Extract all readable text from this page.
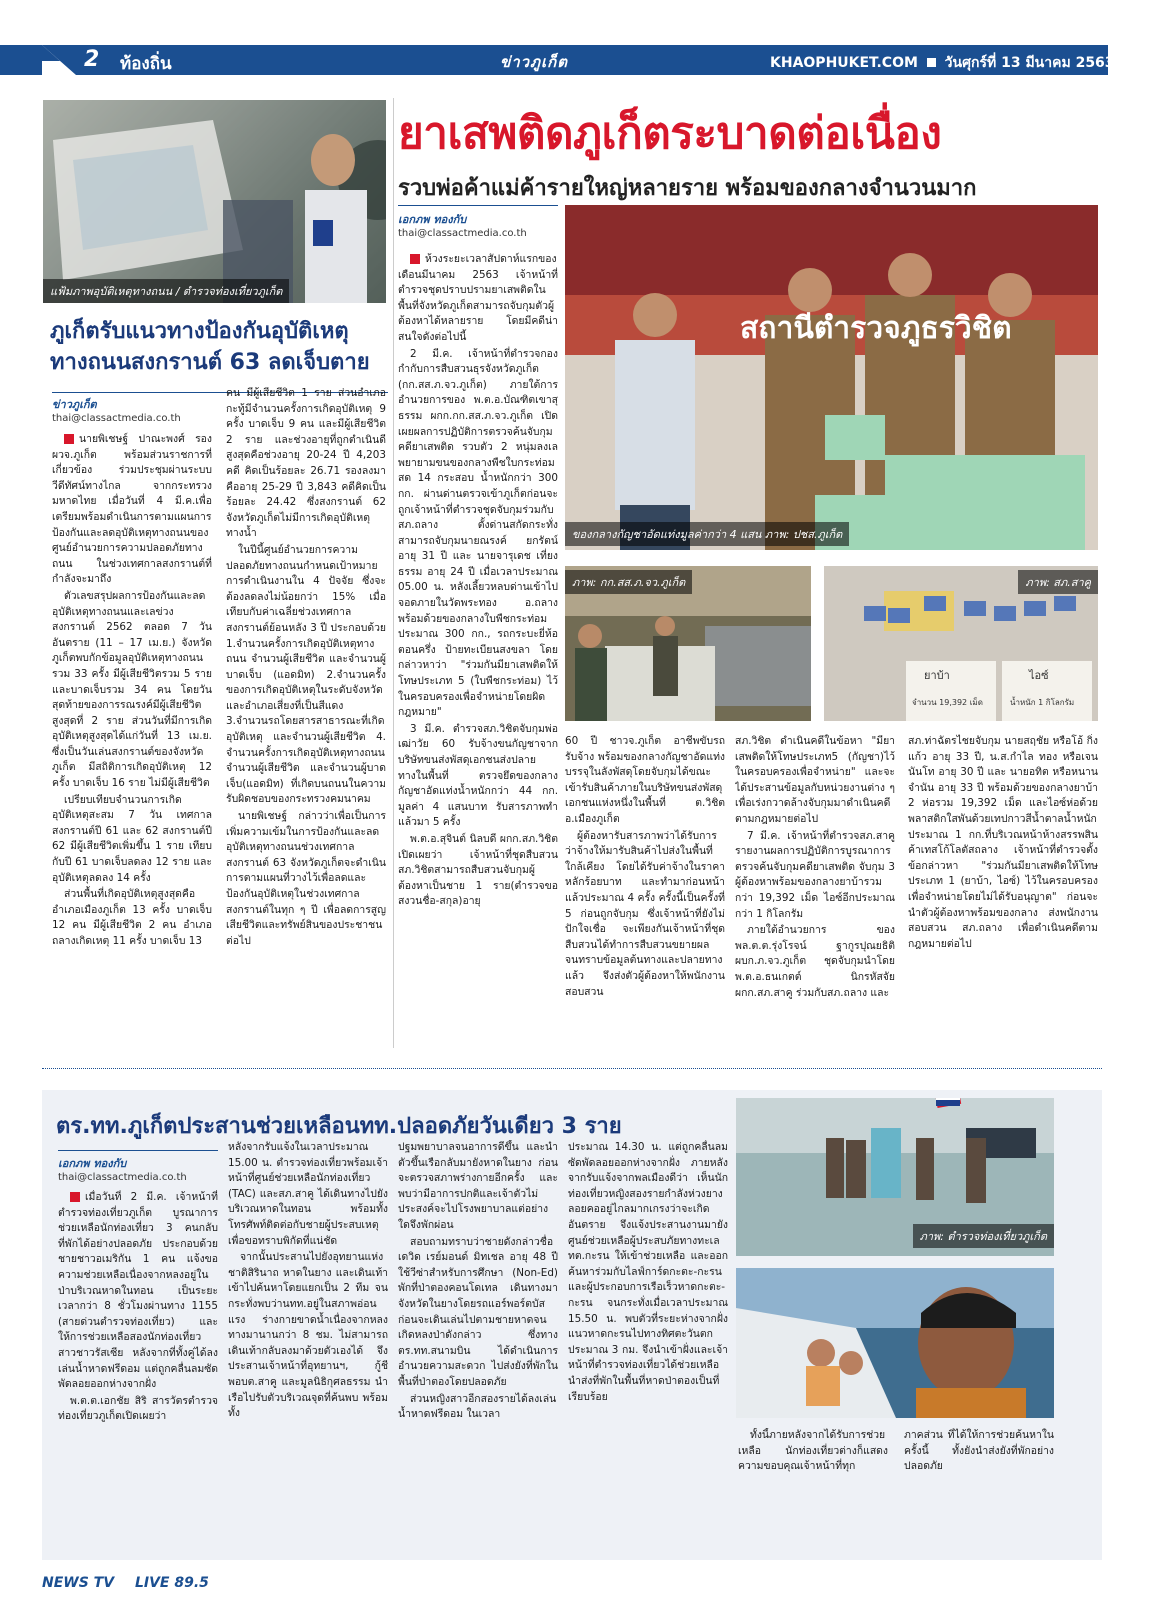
2 ท้องถิ่น	ข่าวภูเก็ต	KHAOPHUKET.COM วันศุกร์ที่ 13 มีนาคม 2563
แฟ้มภาพอุบัติเหตุทางถนน / ตำรวจท่องเที่ยวภูเก็ต
ภูเก็ตรับแนวทางป้องกันอุบัติเหตุ ทางถนนสงกรานต์ 63 ลดเจ็บตาย
ข่าวภูเก็ต
thai@classactmedia.co.th

นายพิเชษฐ์ ปาณะพงศ์ รอง ผวจ.ภูเก็ต พร้อมส่วนราชการที่เกี่ยวข้อง ร่วมประชุมผ่านระบบวีดีทัศน์ทางไกล จากกระทรวงมหาดไทย เมื่อวันที่ 4 มี.ค.เพื่อเตรียมพร้อมดำเนินการตามแผนการป้องกันและลดอุบัติเหตุทางถนนของศูนย์อำนวยการความปลอดภัยทางถนน ในช่วงเทศกาลสงกรานต์ที่กำลังจะมาถึง

ตัวเลขสรุปผลการป้องกันและลดอุบัติเหตุทางถนนและเลข่วงสงกรานต์ 2562 ตลอด 7 วันอันตราย (11 – 17 เม.ย.) จังหวัดภูเก็ตพบกักข้อมูลอุบัติเหตุทางถนนรวม 33 ครั้ง มีผู้เสียชีวิตรวม 5 ราย และบาดเจ็บรวม 34 คน โดยวันสุดท้ายของการรณรงค์มีผู้เสียชีวิตสูงสุดที่ 2 ราย ส่วนวันที่มีการเกิดอุบัติเหตุสูงสุดได้แก่วันที่ 13 เม.ย. ซึ่งเป็นวันเล่นสงกรานต์ของจังหวัดภูเก็ต มีสถิติการเกิดอุบัติเหตุ 12 ครั้ง บาดเจ็บ 16 ราย ไม่มีผู้เสียชีวิต

เปรียบเทียบจำนวนการเกิดอุบัติเหตุสะสม 7 วัน เทศกาลสงกรานต์ปี 61 และ 62 สงกรานต์ปี 62 มีผู้เสียชีวิตเพิ่มขึ้น 1 ราย เทียบกับปี 61 บาดเจ็บลดลง 12 ราย และอุบัติเหตุลดลง 14 ครั้ง

ส่วนพื้นที่เกิดอุบัติเหตุสูงสุดคืออำเภอเมืองภูเก็ต 13 ครั้ง บาดเจ็บ 12 คน มีผู้เสียชีวิต 2 คน อำเภอถลางเกิดเหตุ 11 ครั้ง บาดเจ็บ 13

คน มีผู้เสียชีวิต 1 ราย ส่วนอำเภอกะทู้มีจำนวนครั้งการเกิดอุบัติเหตุ 9 ครั้ง บาดเจ็บ 9 คน และมีผู้เสียชีวิต 2 ราย และช่วงอายุที่ถูกตำเนินดีสูงสุดคือช่วงอายุ 20-24 ปี 4,203 คดี คิดเป็นร้อยละ 26.71 รองลงมาคืออายุ 25-29 ปี 3,843 คดีคิดเป็นร้อยละ 24.42 ซึ่งสงกรานต์ 62 จังหวัดภูเก็ตไม่มีการเกิดอุบัติเหตุทางน้ำ

ในปีนี้ศูนย์อำนวยการความปลอดภัยทางถนนกำหนดเป้าหมายการดำเนินงานใน 4 ปัจจัย ซึ่งจะต้องลดลงไม่น้อยกว่า 15% เมื่อเทียบกับค่าเฉลี่ยช่วงเทศกาลสงกรานต์ย้อนหลัง 3 ปี ประกอบด้วย 1.จำนวนครั้งการเกิดอุบัติเหตุทางถนน จำนวนผู้เสียชีวิต และจำนวนผู้บาดเจ็บ (แอดมิท) 2.จำนวนครั้งของการเกิดอุบัติเหตุในระดับจังหวัดและอำเภอเสี่ยงที่เป็นสีแดง 3.จำนวนรถโดยสารสาธารณะที่เกิดอุบัติเหตุ และจำนวนผู้เสียชีวิต 4. จำนวนครั้งการเกิดอุบัติเหตุทางถนน จำนวนผู้เสียชีวิต และจำนวนผู้บาดเจ็บ(แอดมิท) ที่เกิดบนถนนในความรับผิดชอบของกระทรวงคมนาคม

นายพิเชษฐ์ กล่าวว่าเพื่อเป็นการเพิ่มความเข้มในการป้องกันและลดอุบัติเหตุทางถนนช่วงเทศกาลสงกรานต์ 63 จังหวัดภูเก็ตจะดำเนินการตามแผนที่วางไว้เพื่อลดและป้องกันอุบัติเหตุในช่วงเทศกาลสงกรานต์ในทุก ๆ ปี เพื่อลดการสูญเสียชีวิตและทรัพย์สินของประชาชนต่อไป

ยาเสพติดภูเก็ตระบาดต่อเนื่อง
รวบพ่อค้าแม่ค้ารายใหญ่หลายราย พร้อมของกลางจำนวนมาก
เอกภพ ทองกับ
thai@classactmedia.co.th
สถานีตำรวจภูธรวิชิต
ของกลางกัญชาอัดแท่งมูลค่ากว่า 4 แสน ภาพ: ปชส.ภูเก็ต
ภาพ: กก.สส.ภ.จว.ภูเก็ต
ยาบ้า
จำนวน 19,392 เม็ด
ไอซ์
น้ำหนัก 1 กิโลกรัม
ภาพ: สภ.สาคู

ห้วงระยะเวลาสัปดาห์แรกของเดือนมีนาคม 2563 เจ้าหน้าที่ตำรวจชุดปราบปรามยาเสพติดในพื้นที่จังหวัดภูเก็ตสามารถจับกุมตัวผู้ต้องหาได้หลายราย โดยมีคดีน่าสนใจดังต่อไปนี้

2 มี.ค. เจ้าหน้าที่ตำรวจกองกำกับการสืบสวนธุรจังหวัดภูเก็ต (กก.สส.ภ.จว.ภูเก็ต) ภายใต้การอำนวยการของ พ.ต.อ.บัณฑิตเขาสุธรรม ผกก.กก.สส.ภ.จว.ภูเก็ต เปิดเผยผลการปฏิบัติการตรวจค้นจับกุมคดียาเสพติด รวบตัว 2 หนุ่มลงเล พยายามขนของกลางพืชใบกระท่อมสด 14 กระสอบ น้ำหนักกว่า 300 กก. ผ่านด่านตรวจเข้าภูเก็ตก่อนจะถูกเจ้าหน้าที่ตำรวจชุดจับกุมร่วมกับสภ.ถลาง ตั้งด่านสกัดกระทั่งสามารถจับกุมนายณรงค์ ยกรัตน์ อายุ 31 ปี และ นายจารุเดช เที่ยงธรรม อายุ 24 ปี เมื่อเวลาประมาณ 05.00 น. หลังเลี้ยวหลบด่านเข้าไปจอดภายในวัดพระทอง อ.ถลาง พร้อมด้วยของกลางใบพืชกระท่อมประมาณ 300 กก., รถกระบะยี่ห้อตอนครึ่ง ป้ายทะเบียนสงขลา โดยกล่าวหาว่า "ร่วมกันมียาเสพติดให้โทษประเภท 5 (ใบพืชกระท่อม) ไว้ในครอบครองเพื่อจำหน่ายโดยผิดกฎหมาย"

3 มี.ค. ตำรวจสภ.วิชิตจับกุมพ่อเฒ่าวัย 60 รับจ้างขนกัญชาจากบริษัทขนส่งพัสดุเอกชนส่งปลายทางในพื้นที่ ตรวจยึดของกลางกัญชาอัดแท่งน้ำหนักกว่า 44 กก. มูลค่า 4 แสนบาท รับสารภาพทำแล้วมา 5 ครั้ง

พ.ต.อ.สุจินต์ นิลบดี ผกก.สภ.วิชิต เปิดเผยว่า เจ้าหน้าที่ชุดสืบสวนสภ.วิชิตสามารถสืบสวนจับกุมผู้ต้องหาเป็นชาย 1 ราย(ตำรวจขอสงวนชื่อ-สกุล)อายุ

60 ปี ชาวจ.ภูเก็ต อาชีพขับรถรับจ้าง พร้อมของกลางกัญชาอัดแท่ง บรรจุในลังพัสดุโดยจับกุมได้ขณะเข้ารับสินค้าภายในบริษัทขนส่งพัสดุเอกชนแห่งหนึ่งในพื้นที่ ต.วิชิต อ.เมืองภูเก็ต

ผู้ต้องหารับสารภาพว่าได้รับการว่าจ้างให้มารับสินค้าไปส่งในพื้นที่ใกล้เคียง โดยได้รับค่าจ้างในราคาหลักร้อยบาท และทำมาก่อนหน้าแล้วประมาณ 4 ครั้ง ครั้งนี้เป็นครั้งที่ 5 ก่อนถูกจับกุม ซึ่งเจ้าหน้าที่ยังไม่ปักใจเชื่อ จะเพียงกันเจ้าหน้าที่ชุดสืบสวนได้ทำการสืบสวนขยายผล จนทราบข้อมูลต้นทางและปลายทางแล้ว จึงส่งตัวผู้ต้องหาให้พนักงานสอบสวน

สภ.วิชิต ดำเนินคดีในข้อหา "มียาเสพติดให้โทษประเภท5 (กัญชา)ไว้ในครอบครองเพื่อจำหน่าย" และจะได้ประสานข้อมูลกับหน่วยงานต่าง ๆ เพื่อเร่งกวาดล้างจับกุมมาดำเนินคดีตามกฎหมายต่อไป

7 มี.ค. เจ้าหน้าที่ตำรวจสภ.สาคู รายงานผลการปฏิบัติการบูรณาการตรวจค้นจับกุมคดียาเสพติด จับกุม 3 ผู้ต้องหาพร้อมของกลางยาบ้ารวมกว่า 19,392 เม็ด ไอซ์อีกประมาณกว่า 1 กิโลกรัม

ภายใต้อำนวยการ ของ พล.ต.ต.รุ่งโรจน์ ฐากูรปุณยธิติ ผบก.ภ.จว.ภูเก็ต ชุดจับกุมนำโดย พ.ต.อ.ธนเกตต์ นิกรหัสจัย ผกก.สภ.สาคู ร่วมกับสภ.ถลาง และ

สภ.ท่าฉัตรไชยจับกุม นายสฤชัย หรือโอ้ กิ่งแก้ว อายุ 33 ปี, น.ส.กำไล ทอง หรือเจน นันโท อายุ 30 ปี และ นายอทิต หรือหนาน จำนัน อายุ 33 ปี พร้อมด้วยของกลางยาบ้า 2 ห่อรวม 19,392 เม็ด และไอซ์ห่อด้วยพลาสติกใสพันด้วยเทปกาวสีน้ำตาลน้ำหนักประมาณ 1 กก.ที่บริเวณหน้าห้างสรรพสินค้าเทสโก้โลตัสถลาง เจ้าหน้าที่ตำรวจตั้งข้อกล่าวหา "ร่วมกันมียาเสพติดให้โทษประเภท 1 (ยาบ้า, ไอซ์) ไว้ในครอบครองเพื่อจำหน่ายโดยไม่ได้รับอนุญาต" ก่อนจะนำตัวผู้ต้องหาพร้อมของกลาง ส่งพนักงานสอบสวน สภ.ถลาง เพื่อดำเนินคดีตามกฎหมายต่อไป

ตร.ทท.ภูเก็ตประสานช่วยเหลือนทท.ปลอดภัยวันเดียว 3 ราย
เอกภพ ทองกับ
thai@classactmedia.co.th

เมื่อวันที่ 2 มี.ค. เจ้าหน้าที่ตำรวจท่องเที่ยวภูเก็ต บูรณาการช่วยเหลือนักท่องเที่ยว 3 คนกลับที่พักได้อย่างปลอดภัย ประกอบด้วย ชายชาวอเมริกัน 1 คน แจ้งขอความช่วยเหลือเนื่องจากหลงอยู่ในป่าบริเวณหาดในทอน เป็นระยะเวลากว่า 8 ชั่วโมงผ่านทาง 1155 (สายด่วนตำรวจท่องเที่ยว) และให้การช่วยเหลือสองนักท่องเที่ยวสาวชาวรัสเซีย หลังจากที่ทั้งคู่ได้ลงเล่นน้ำหาดฟรีดอม แต่ถูกคลื่นลมซัดพัดลอยออกห่างจากฝั่ง

พ.ต.ต.เอกชัย สิริ สารวัตรตำรวจท่องเที่ยวภูเก็ตเปิดเผยว่า

หลังจากรับแจ้งในเวลาประมาณ 15.00 น. ตำรวจท่องเที่ยวพร้อมเจ้าหน้าที่ศูนย์ช่วยเหลือนักท่องเที่ยว (TAC) และสภ.สาคู ได้เดินทางไปยังบริเวณหาดในทอน พร้อมทั้งโทรศัพท์ติดต่อกับชายผู้ประสบเหตุ เพื่อขอทราบพิกัดที่แน่ชัด

จากนั้นประสานไปยังอุทยานแห่งชาติสิรินาถ หาดในยาง และเดินเท้าเข้าไปค้นหาโดยแยกเป็น 2 ทีม จนกระทั่งพบว่านทท.อยู่ในสภาพอ่อนแรง ร่างกายขาดน้ำเนื่องจากหลงทางมานานกว่า 8 ชม. ไม่สามารถเดินเท้ากลับลงมาด้วยตัวเองได้ จึงประสานเจ้าหน้าที่อุทยานฯ, กู้ชีพอบต.สาคู และมูลนิธิกุศลธรรม นำเรือไปรับตัวบริเวณจุดที่ค้นพบ พร้อมทั้ง

ปฐมพยาบาลจนอาการดีขึ้น และนำตัวขึ้นเรือกลับมายังหาดในยาง ก่อนจะตรวจสภาพร่างกายอีกครั้ง และพบว่ามีอาการปกติและเจ้าตัวไม่ประสงค์จะไปโรงพยาบาลแต่อย่างใดจึงพักผ่อน

สอบถามทราบว่าชายดังกล่าวชื่อ เดวิด เรย์มอนด์ มิทเชล อายุ 48 ปี ใช้วีซ่าสำหรับการศึกษา (Non-Ed) พักที่ป่าตองคอนโดเทล เดินทางมาจังหวัดในยางโดยรถแอร์พอร์ตบัส ก่อนจะเดินเล่นไปตามชายหาดจนเกิดหลงป่าดังกล่าว ซึ่งทางตร.ทท.สนามบิน ได้ดำเนินการอำนวยความสะดวก ไปส่งยังที่พักในพื้นที่ป่าตองโดยปลอดภัย

ส่วนหญิงสาวอีกสองรายได้ลงเล่นน้ำหาดฟรีดอม ในเวลา

ประมาณ 14.30 น. แต่ถูกคลื่นลมซัดพัดลอยออกห่างจากฝั่ง ภายหลังจากรับแจ้งจากพลเมืองดีว่า เห็นนักท่องเที่ยวหญิงสองรายกำลังห่วงยางลอยคออยู่ไกลมากเกรงว่าจะเกิดอันตราย จึงแจ้งประสานงานมายังศูนย์ช่วยเหลือผู้ประสบภัยทางทะเล ทต.กะรน ให้เข้าช่วยเหลือ และออกค้นหาร่วมกับไลฟ์การ์ดกะตะ-กะรน และผู้ประกอบการเรือเร็วหาดกะตะ-กะรน จนกระทั่งเมื่อเวลาประมาณ 15.50 น. พบตัวที่ระยะห่างจากฝั่งแนวหาดกะรนไปทางทิศตะวันตกประมาณ 3 กม. จึงนำเข้าฝั่งและเจ้าหน้าที่ตำรวจท่องเที่ยวได้ช่วยเหลือ นำส่งที่พักในพื้นที่หาดป่าตองเป็นที่เรียบร้อย

ภาพ: ตำรวจท่องเที่ยวภูเก็ต

ทั้งนี้ภายหลังจากได้รับการช่วยเหลือ นักท่องเที่ยวต่างก็แสดงความขอบคุณเจ้าหน้าที่ทุก

ภาคส่วน ที่ได้ให้การช่วยค้นหาในครั้งนี้ ทั้งยังนำส่งยังที่พักอย่างปลอดภัย

NEWS TV LIVE 89.5
